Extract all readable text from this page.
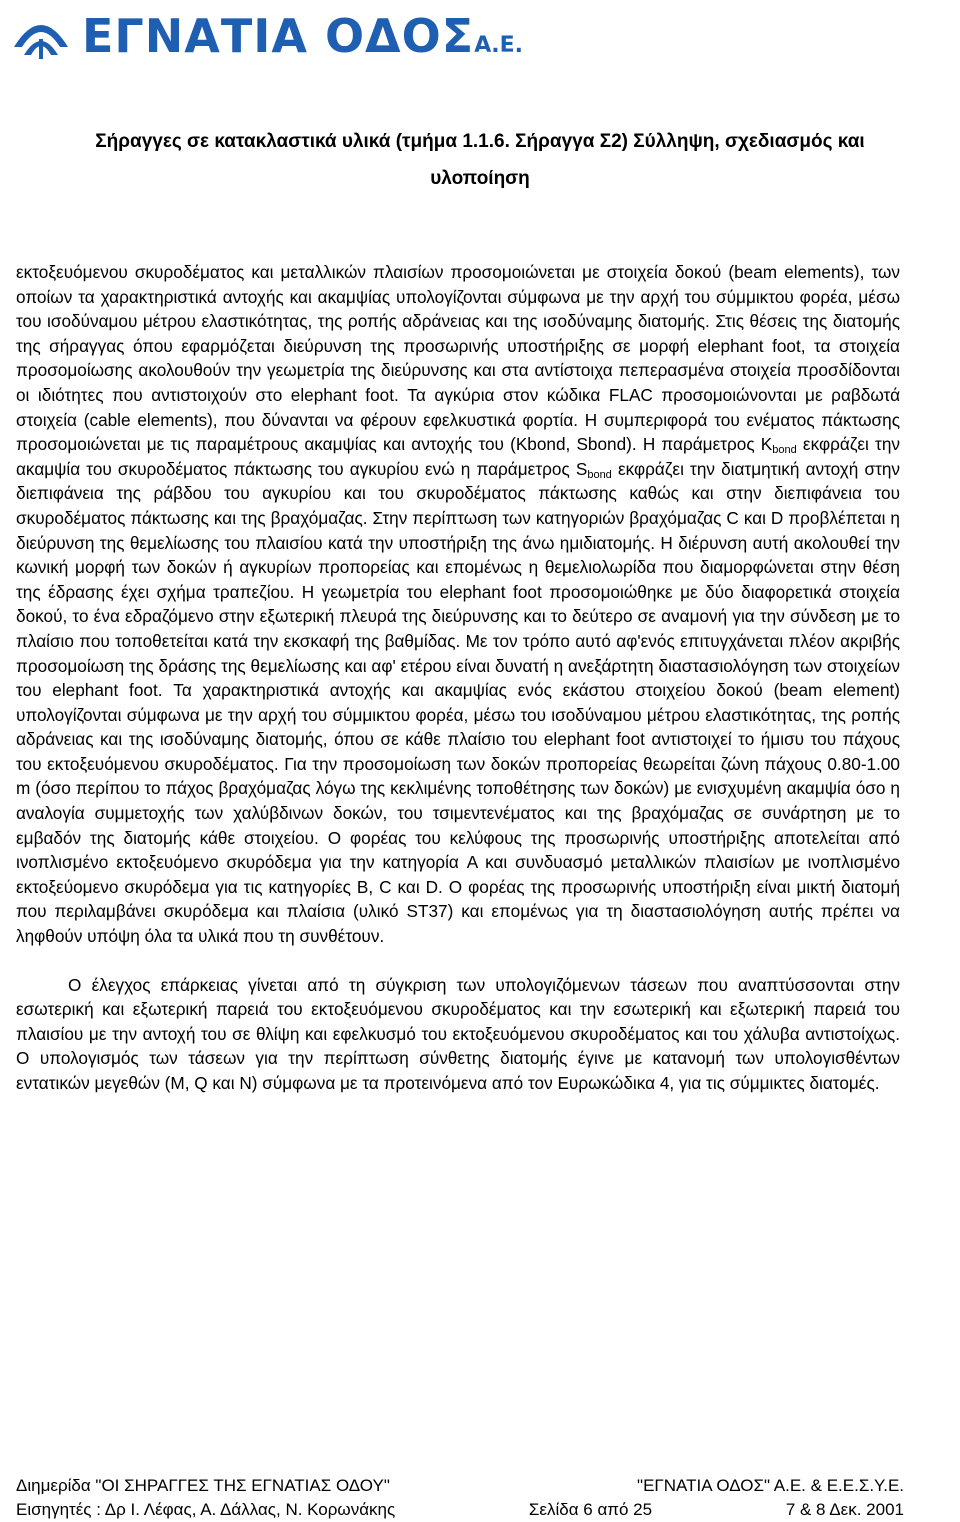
ΕΓΝΑΤΙΑ ΟΔΟΣΑ.Ε.
Σήραγγες σε κατακλαστικά υλικά (τμήμα 1.1.6. Σήραγγα Σ2) Σύλληψη, σχεδιασμός και
υλοποίηση

εκτοξευόμενου σκυροδέματος και μεταλλικών πλαισίων προσομοιώνεται με στοιχεία δοκού (beam elements), των οποίων τα χαρακτηριστικά αντοχής και ακαμψίας υπολογίζονται σύμφωνα με την αρχή του σύμμικτου φορέα, μέσω του ισοδύναμου μέτρου ελαστικότητας, της ροπής αδράνειας και της ισοδύναμης διατομής. Στις θέσεις της διατομής της σήραγγας όπου εφαρμόζεται διεύρυνση της προσωρινής υποστήριξης σε μορφή elephant foot, τα στοιχεία προσομοίωσης ακολουθούν την γεωμετρία της διεύρυνσης και στα αντίστοιχα πεπερασμένα στοιχεία προσδίδονται οι ιδιότητες που αντιστοιχούν στο elephant foot. Τα αγκύρια στον κώδικα FLAC προσομοιώνονται με ραβδωτά στοιχεία (cable elements), που δύνανται να φέρουν εφελκυστικά φορτία. Η συμπεριφορά του ενέματος πάκτωσης προσομοιώνεται με τις παραμέτρους ακαμψίας και αντοχής του (Kbond, Sbond). Η παράμετρος $K_{bond}$ εκφράζει την ακαμψία του σκυροδέματος πάκτωσης του αγκυρίου ενώ η παράμετρος $S_{bond}$ εκφράζει την διατμητική αντοχή στην διεπιφάνεια της ράβδου του αγκυρίου και του σκυροδέματος πάκτωσης καθώς και στην διεπιφάνεια του σκυροδέματος πάκτωσης και της βραχόμαζας. Στην περίπτωση των κατηγοριών βραχόμαζας C και D προβλέπεται η διεύρυνση της θεμελίωσης του πλαισίου κατά την υποστήριξη της άνω ημιδιατομής. Η διέρυνση αυτή ακολουθεί την κωνική μορφή των δοκών ή αγκυρίων προπορείας και επομένως η θεμελιολωρίδα που διαμορφώνεται στην θέση της έδρασης έχει σχήμα τραπεζίου. Η γεωμετρία του elephant foot προσομοιώθηκε με δύο διαφορετικά στοιχεία δοκού, το ένα εδραζόμενο στην εξωτερική πλευρά της διεύρυνσης και το δεύτερο σε αναμονή για την σύνδεση με το πλαίσιο που τοποθετείται κατά την εκσκαφή της βαθμίδας. Με τον τρόπο αυτό αφ'ενός επιτυγχάνεται πλέον ακριβής προσομοίωση της δράσης της θεμελίωσης και αφ' ετέρου είναι δυνατή η ανεξάρτητη διαστασιολόγηση των στοιχείων του elephant foot. Τα χαρακτηριστικά αντοχής και ακαμψίας ενός εκάστου στοιχείου δοκού (beam element) υπολογίζονται σύμφωνα με την αρχή του σύμμικτου φορέα, μέσω του ισοδύναμου μέτρου ελαστικότητας, της ροπής αδράνειας και της ισοδύναμης διατομής, όπου σε κάθε πλαίσιο του elephant foot αντιστοιχεί το ήμισυ του πάχους του εκτοξευόμενου σκυροδέματος. Για την προσομοίωση των δοκών προπορείας θεωρείται ζώνη πάχους 0.80-1.00 m (όσο περίπου το πάχος βραχόμαζας λόγω της κεκλιμένης τοποθέτησης των δοκών) με ενισχυμένη ακαμψία όσο η αναλογία συμμετοχής των χαλύβδινων δοκών, του τσιμεντενέματος και της βραχόμαζας σε συνάρτηση με το εμβαδόν της διατομής κάθε στοιχείου. Ο φορέας του κελύφους της προσωρινής υποστήριξης αποτελείται από ινοπλισμένο εκτοξευόμενο σκυρόδεμα για την κατηγορία A και συνδυασμό μεταλλικών πλαισίων με ινοπλισμένο εκτοξεύομενο σκυρόδεμα για τις κατηγορίες B, C και D. O φορέας της προσωρινής υποστήριξη είναι μικτή διατομή που περιλαμβάνει σκυρόδεμα και πλαίσια (υλικό ST37) και επομένως για τη διαστασιολόγηση αυτής πρέπει να ληφθούν υπόψη όλα τα υλικά που τη συνθέτουν.

Ο έλεγχος επάρκειας γίνεται από τη σύγκριση των υπολογιζόμενων τάσεων που αναπτύσσονται στην εσωτερική και εξωτερική παρειά του εκτοξευόμενου σκυροδέματος και την εσωτερική και εξωτερική παρειά του πλαισίου με την αντοχή του σε θλίψη και εφελκυσμό του εκτοξευόμενου σκυροδέματος και του χάλυβα αντιστοίχως. Ο υπολογισμός των τάσεων για την περίπτωση σύνθετης διατομής έγινε με κατανομή των υπολογισθέντων εντατικών μεγεθών (M, Q και N) σύμφωνα με τα προτεινόμενα από τον Ευρωκώδικα 4, για τις σύμμικτες διατομές.

Διημερίδα "ΟΙ ΣΗΡΑΓΓΕΣ ΤΗΣ ΕΓΝΑΤΙΑΣ ΟΔΟΥ"	"ΕΓΝΑΤΙΑ ΟΔΟΣ" Α.Ε. & Ε.Ε.Σ.Υ.Ε.
Εισηγητές : Δρ Ι. Λέφας, Α. Δάλλας, Ν. Κορωνάκης	Σελίδα 6 από 25	7 & 8 Δεκ. 2001
